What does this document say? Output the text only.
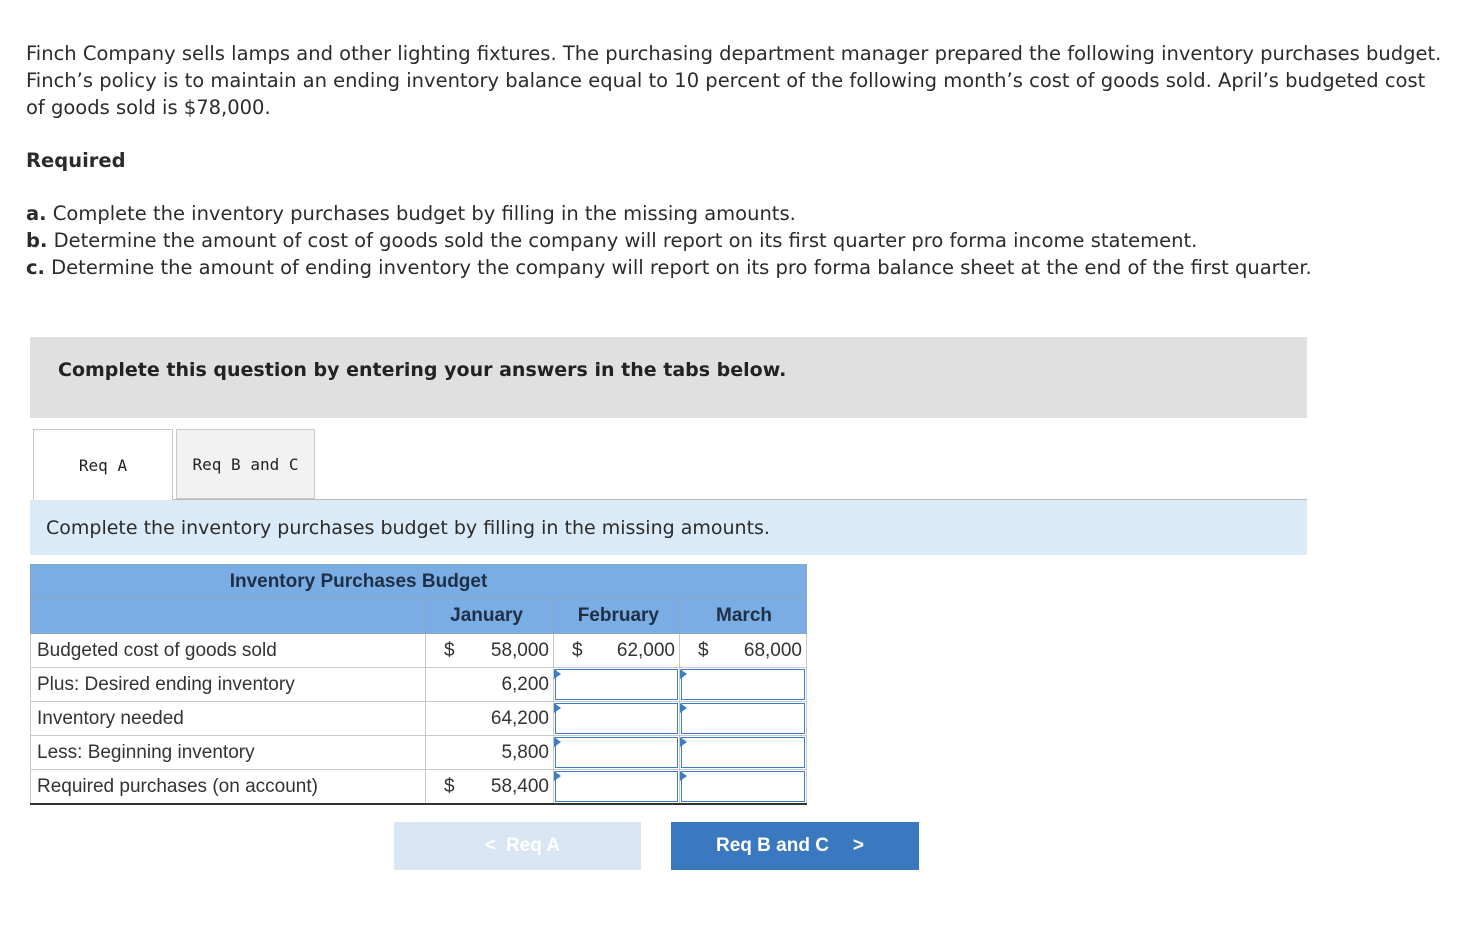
Finch Company sells lamps and other lighting fixtures. The purchasing department manager prepared the following inventory purchases budget. Finch’s policy is to maintain an ending inventory balance equal to 10 percent of the following month’s cost of goods sold. April’s budgeted cost of goods sold is $78,000.

Required
a. Complete the inventory purchases budget by filling in the missing amounts.
b. Determine the amount of cost of goods sold the company will report on its first quarter pro forma income statement.
c. Determine the amount of ending inventory the company will report on its pro forma balance sheet at the end of the first quarter.
Complete this question by entering your answers in the tabs below.
Req A	Req B and C
Complete the inventory purchases budget by filling in the missing amounts.
Inventory Purchases Budget			
	January	February	March
Budgeted cost of goods sold	$ 58,000	$ 62,000	$ 68,000
Plus: Desired ending inventory	6,200	

Inventory needed	64,200	

Less: Beginning inventory	5,800	

Required purchases (on account)	$ 58,400	

< Req A	Req B and C >
